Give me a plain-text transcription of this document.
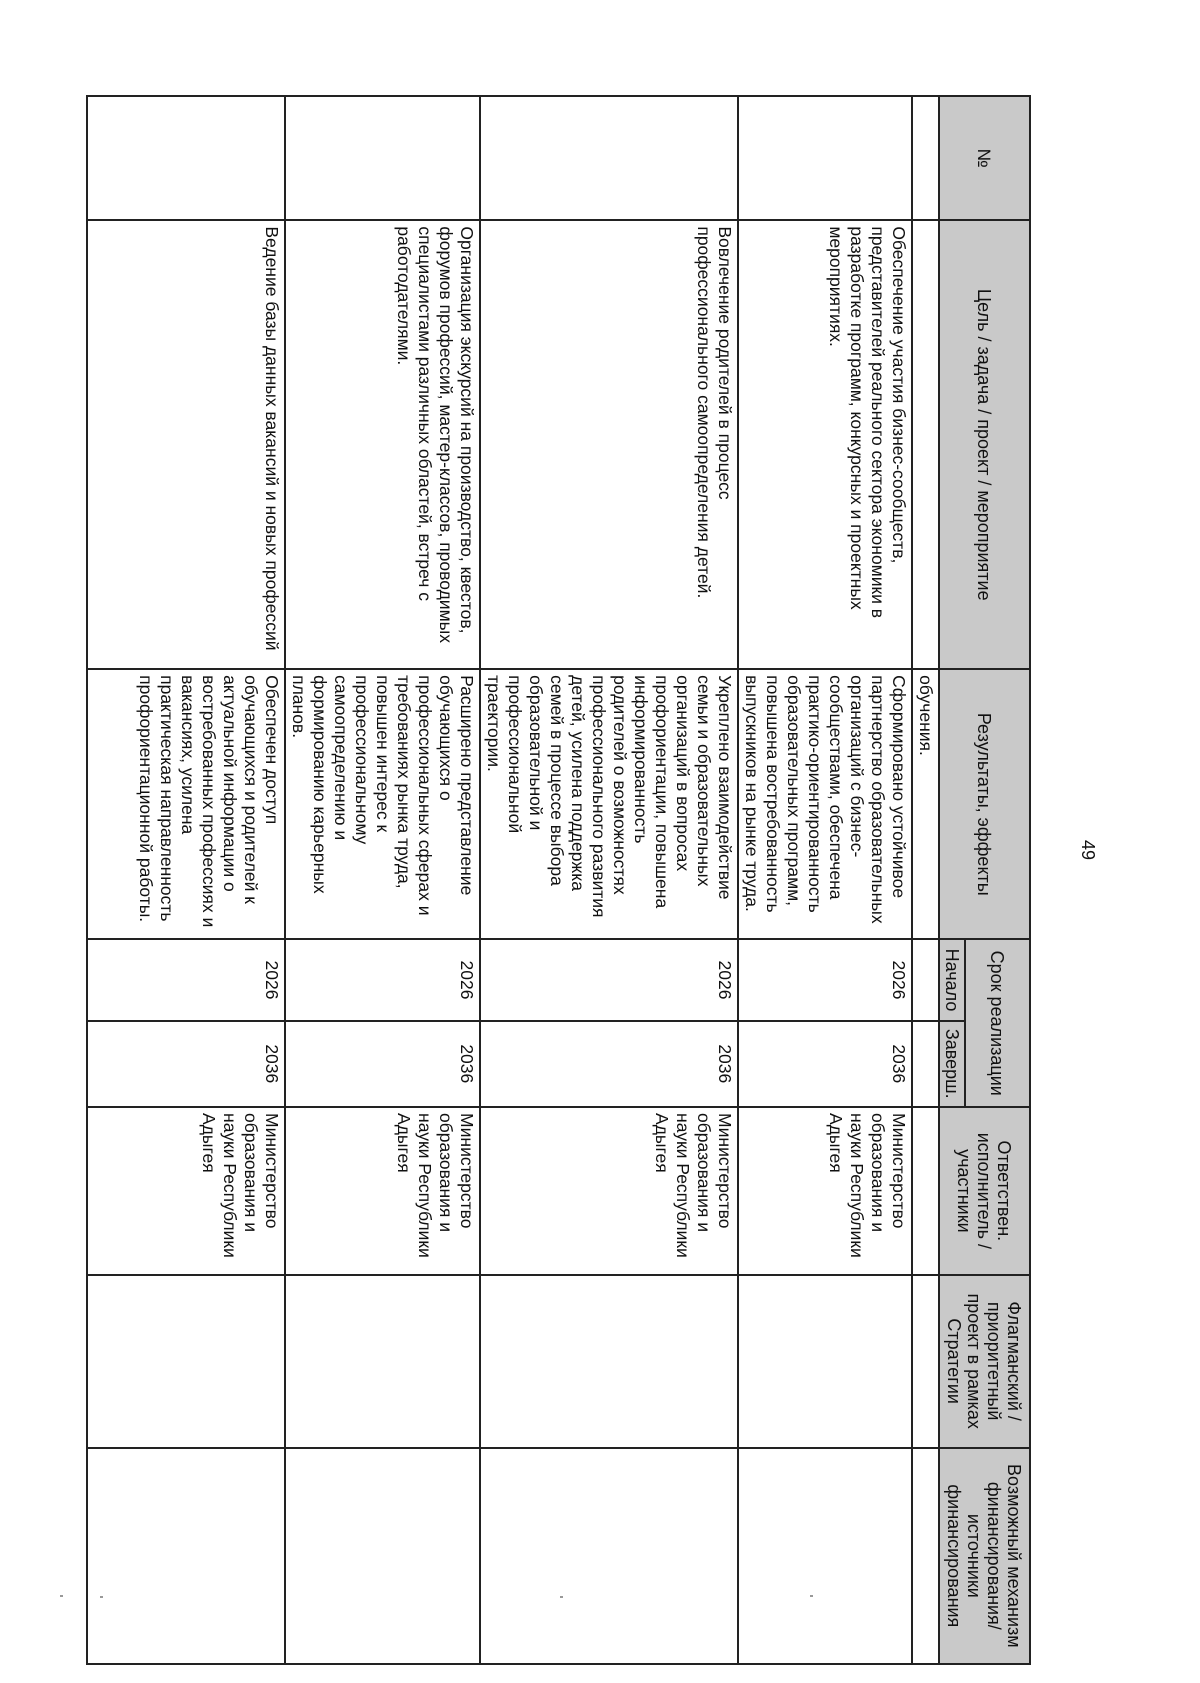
№	Цель / задача / проект / мероприятие	Результаты, эффекты	Срок реализации		Ответствен. исполнитель / участники	Флагманский / приоритетный проект в рамках Стратегии	Возможный механизм финансирования/ источники финансирования
			Начало	Заверш.			
		обучения.					
	Обеспечение участия бизнес-сообществ, представителей реального сектора экономики в разработке программ, конкурсных и проектных мероприятиях.	Сформировано устойчивое партнерство образовательных организаций с бизнес-сообществами, обеспечена практико-ориентированность образовательных программ, повышена востребованность выпускников на рынке труда.	2026	2036	Министерство образования и науки Республики Адыгея		
	Вовлечение родителей в процесс профессионального самоопределения детей.	Укреплено взаимодействие семьи и образовательных организаций в вопросах профориентации, повышена информированность родителей о возможностях профессионального развития детей, усилена поддержка семей в процессе выбора образовательной и профессиональной траектории.	2026	2036	Министерство образования и науки Республики Адыгея		
	Организация экскурсий на производство, квестов, форумов профессий, мастер-классов, проводимых специалистами различных областей, встреч с работодателями.	Расширено представление обучающихся о профессиональных сферах и требованиях рынка труда, повышен интерес к профессиональному самоопределению и формированию карьерных планов.	2026	2036	Министерство образования и науки Республики Адыгея		
	Ведение базы данных вакансий и новых профессий	Обеспечен доступ обучающихся и родителей к актуальной информации о востребованных профессиях и вакансиях, усилена практическая направленность профориентационной работы.	2026	2036	Министерство образования и науки Республики Адыгея		
49
